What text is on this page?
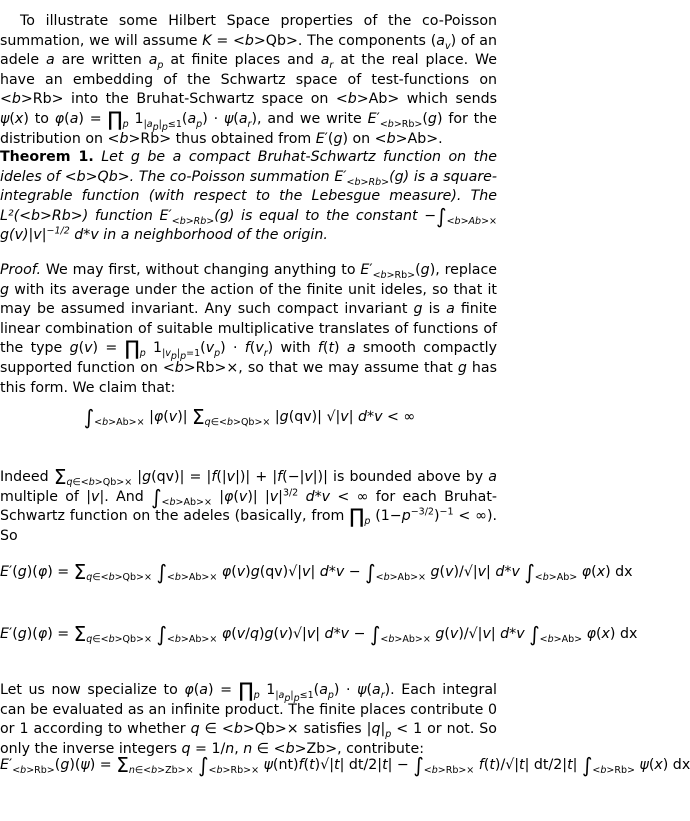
To illustrate some Hilbert Space properties of the co-Poisson summation, we will assume K = <b>Qb>. The components $(a_v)$ of an adele a are written $a_p$ at finite places and $a_r$ at the real place. We have an embedding of the Schwartz space of test-functions on <b>Rb> into the Bruhat-Schwartz space on <b>Ab> which sends ψ(x) to $\varphi(a) = \prod_p$ $1_{|a_p|_p\le 1}(a_p) \cdot \psi(a_r)$, and we write $E'_{<b>Rb>}(g)$ for the distribution on <b>Rb> thus obtained from E′(g) on <b>Ab>.

Theorem 1. Let g be a compact Bruhat-Schwartz function on the ideles of <b>Qb>. The co-Poisson summation $E'_{<b>Rb>}(g)$ is a square-integrable function (with respect to the Lebesgue measure). The L²(<b>Rb>) function $E'_{<b>Rb>}(g)$ is equal to the constant $-\int_{<b>Ab>\times}$ $g(v)|v|^{-1/2}$ d*v in a neighborhood of the origin.

Proof. We may first, without changing anything to $E'_{<b>Rb>}(g)$, replace g with its average under the action of the finite unit ideles, so that it may be assumed invariant. Any such compact invariant g is a finite linear combination of suitable multiplicative translates of functions of the type $g(v) = \prod_p$ $1_{|v_p|_p=1}(v_p) \cdot f(v_r)$ with f(t) a smooth compactly supported function on <b>Rb>×, so that we may assume that g has this form. We claim that:

$\int_{<b>Ab>\times}$ |φ(v)| $\Sigma_{q\in<b>Qb>\times}$ |g(qv)| √|v| d*v < ∞

Indeed $\Sigma_{q\in<b>Qb>\times}$ |g(qv)| = |f(|v|)| + |f(−|v|)| is bounded above by a multiple of |v|. And $\int_{<b>Ab>\times}$ |φ(v)| $|v|^{3/2}$ d*v < ∞ for each Bruhat-Schwartz function on the adeles (basically, from $\prod_p$ $(1-p^{-3/2})^{-1}$ < ∞). So

$E'(g)(\varphi) = \Sigma_{q\in<b>Qb>\times}$ $\int_{<b>Ab>\times}$ φ(v)g(qv)√|v| $d*v - \int_{<b>Ab>\times}$ g(v)/√|v| d*v $\int_{<b>Ab>}$ φ(x) dx
$E'(g)(\varphi) = \Sigma_{q\in<b>Qb>\times}$ $\int_{<b>Ab>\times}$ φ(v/q)g(v)√|v| $d*v - \int_{<b>Ab>\times}$ g(v)/√|v| d*v $\int_{<b>Ab>}$ φ(x) dx

Let us now specialize to $\varphi(a) = \prod_p$ $1_{|a_p|_p\le 1}(a_p) \cdot \psi(a_r)$. Each integral can be evaluated as an infinite product. The finite places contribute 0 or 1 according to whether q ∈ <b>Qb>× satisfies $|q|_p < 1$ or not. So only the inverse integers q = 1/n, n ∈ <b>Zb>, contribute:

$E'_{<b>Rb>}(g)(\psi) = \Sigma_{n\in<b>Zb>\times}$ $\int_{<b>Rb>\times}$ ψ(nt)f(t)√|t| $dt/2|t| - \int_{<b>Rb>\times}$ f(t)/√|t| dt/2|t| $\int_{<b>Rb>}$ ψ(x) dx
